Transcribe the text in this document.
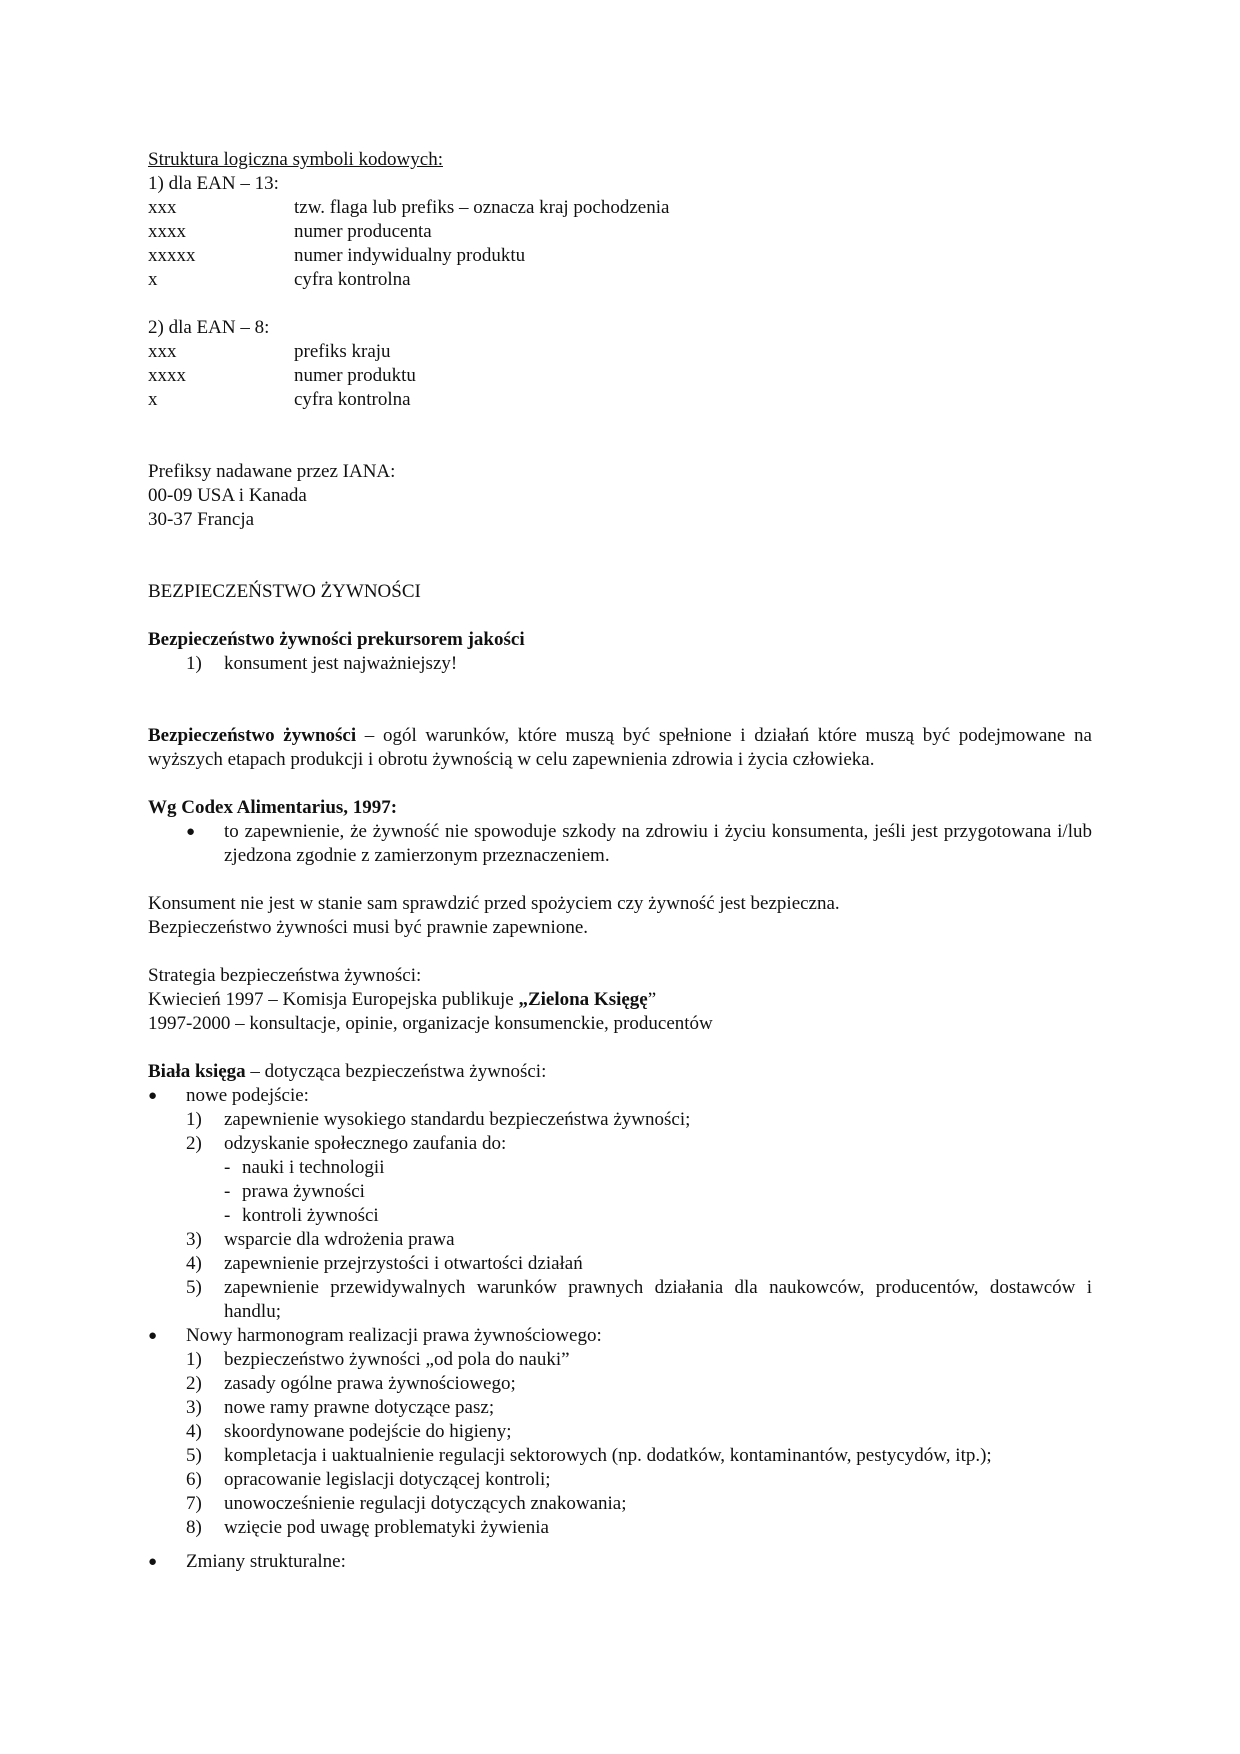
Struktura logiczna symboli kodowych:
1) dla EAN – 13:
xxx	tzw. flaga lub prefiks – oznacza kraj pochodzenia
xxxx	numer producenta
xxxxx	numer indywidualny produktu
x	cyfra kontrolna
2) dla EAN – 8:
xxx	prefiks kraju
xxxx	numer produktu
x	cyfra kontrolna
Prefiksy nadawane przez IANA:
00-09 USA i Kanada
30-37 Francja
BEZPIECZEŃSTWO ŻYWNOŚCI
Bezpieczeństwo żywności prekursorem jakości
1)	konsument jest najważniejszy!
Bezpieczeństwo żywności – ogól warunków, które muszą być spełnione i działań które muszą być podejmowane na wyższych etapach produkcji i obrotu żywnością w celu zapewnienia zdrowia i życia człowieka.
Wg Codex Alimentarius, 1997:
●	to zapewnienie, że żywność nie spowoduje szkody na zdrowiu i życiu konsumenta, jeśli jest przygotowana i/lub zjedzona zgodnie z zamierzonym przeznaczeniem.
Konsument nie jest w stanie sam sprawdzić przed spożyciem czy żywność jest bezpieczna.
Bezpieczeństwo żywności musi być prawnie zapewnione.
Strategia bezpieczeństwa żywności:
Kwiecień 1997 – Komisja Europejska publikuje „Zielona Księgę”
1997-2000 – konsultacje, opinie, organizacje konsumenckie, producentów
Biała księga – dotycząca bezpieczeństwa żywności:
●	nowe podejście:
1)	zapewnienie wysokiego standardu bezpieczeństwa żywności;
2)	odzyskanie społecznego zaufania do:
- nauki i technologii
- prawa żywności
- kontroli żywności
3)	wsparcie dla wdrożenia prawa
4)	zapewnienie przejrzystości i otwartości działań
5)	zapewnienie przewidywalnych warunków prawnych działania dla naukowców, producentów, dostawców i handlu;
●	Nowy harmonogram realizacji prawa żywnościowego:
1)	bezpieczeństwo żywności „od pola do nauki”
2)	zasady ogólne prawa żywnościowego;
3)	nowe ramy prawne dotyczące pasz;
4)	skoordynowane podejście do higieny;
5)	kompletacja i uaktualnienie regulacji sektorowych (np. dodatków, kontaminantów, pestycydów, itp.);
6)	opracowanie legislacji dotyczącej kontroli;
7)	unowocześnienie regulacji dotyczących znakowania;
8)	wzięcie pod uwagę problematyki żywienia
●	Zmiany strukturalne:
